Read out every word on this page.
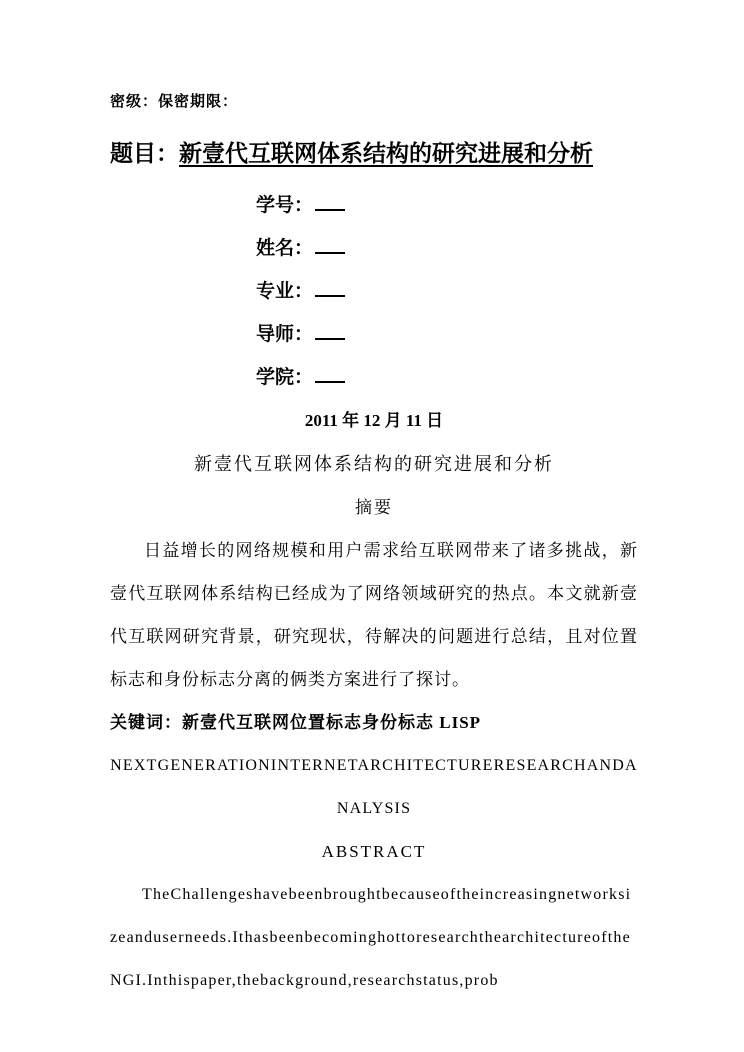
密级：保密期限：
题目：新壹代互联网体系结构的研究进展和分析
学号：
姓名：
专业：
导师：
学院：
2011 年 12 月 11 日
新壹代互联网体系结构的研究进展和分析
摘要
日益增长的网络规模和用户需求给互联网带来了诸多挑战，新壹代互联网体系结构已经成为了网络领域研究的热点。本文就新壹代互联网研究背景，研究现状，待解决的问题进行总结，且对位置标志和身份标志分离的俩类方案进行了探讨。
关键词：新壹代互联网位置标志身份标志 LISP
NEXTGENERATIONINTERNETARCHITECTURERESEARCHANDANALYSIS
ABSTRACT
TheChallengeshavebeenbroughtbecauseoftheincreasingnetworksizeanduserneeds.IthasbeenbecominghottoresearchthearchitectureoftheNGI.Inthispaper,thebackground,researchstatus,prob
